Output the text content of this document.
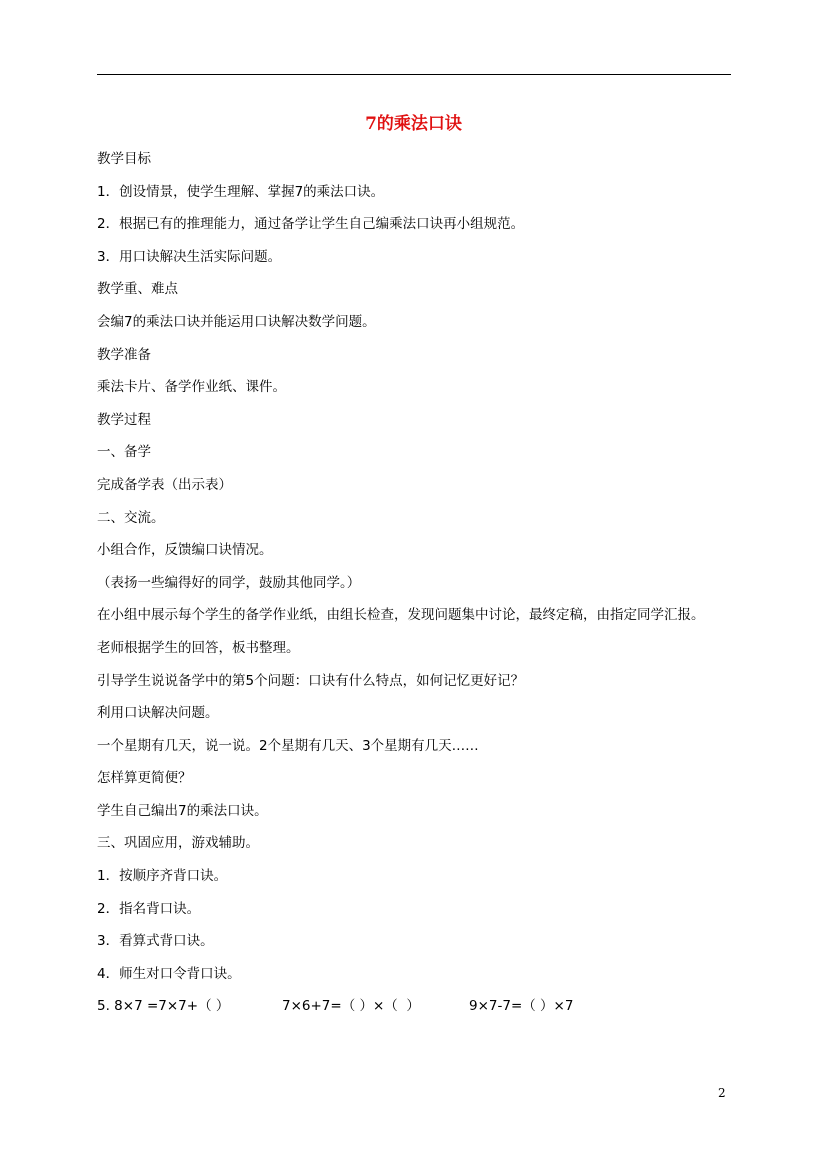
7的乘法口诀

教学目标

1．创设情景，使学生理解、掌握7的乘法口诀。

2．根据已有的推理能力，通过备学让学生自己编乘法口诀再小组规范。

3．用口诀解决生活实际问题。

教学重、难点

会编7的乘法口诀并能运用口诀解决数学问题。

教学准备

乘法卡片、备学作业纸、课件。

教学过程

一、备学

完成备学表（出示表）

二、交流。

小组合作，反馈编口诀情况。

（表扬一些编得好的同学，鼓励其他同学。）

在小组中展示每个学生的备学作业纸，由组长检查，发现问题集中讨论，最终定稿，由指定同学汇报。

老师根据学生的回答，板书整理。

引导学生说说备学中的第5个问题：口诀有什么特点，如何记忆更好记？

利用口诀解决问题。

一个星期有几天，说一说。2个星期有几天、3个星期有几天……

怎样算更简便？

学生自己编出7的乘法口诀。

三、巩固应用，游戏辅助。

1．按顺序齐背口诀。

2．指名背口诀。

3．看算式背口诀。

4．师生对口令背口诀。

5. 8×7 =7×7+（ ）	7×6+7=（ ）×（  ）	9×7-7=（ ）×7

2
